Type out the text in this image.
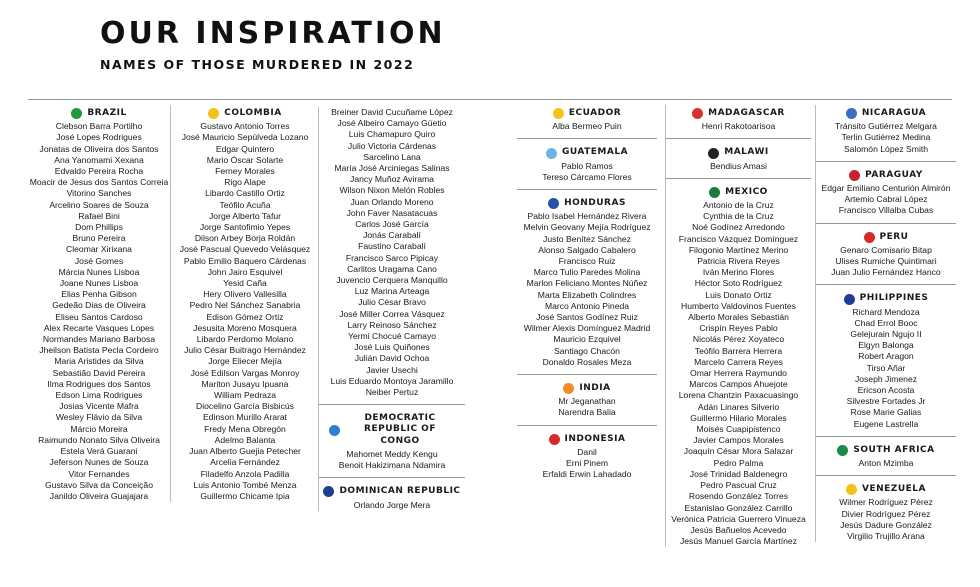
OUR INSPIRATION
NAMES OF THOSE MURDERED IN 2022
BRAZIL
Clebson Barra Portilho
José Lopes Rodrigues
Jonatas de Oliveira dos Santos
Ana Yanomami Xexana
Edvaldo Pereira Rocha
Moacir de Jesus dos Santos Correia
Vitorino Sanches
Arcelino Soares de Souza
Rafael Bini
Dom Phillips
Bruno Pereira
Cleomar Xirixana
José Gomes
Márcia Nunes Lisboa
Joane Nunes Lisboa
Elias Penha Gibson
Gedeão Dias de Oliveira
Eliseu Santos Cardoso
Alex Recarte Vasques Lopes
Normandes Mariano Barbosa
Jheilson Batista Pecla Cordeiro
Maria Aristides da Silva
Sebastião David Pereira
Ilma Rodrigues dos Santos
Edson Lima Rodrigues
Josias Vicente Mafra
Wesley Flávio da Silva
Márcio Moreira
Raimundo Nonato Silva Oliveira
Estela Verá Guarani
Jeferson Nunes de Souza
Vitor Fernandes
Gustavo Silva da Conceição
Janildo Oliveira Guajajara
COLOMBIA
Gustavo Antonio Torres
José Mauricio Sepúlveda Lozano
Edgar Quintero
Mario Óscar Solarte
Ferney Morales
Rigo Alape
Libardo Castillo Ortiz
Teófilo Acuña
Jorge Alberto Tafur
Jorge Santofimio Yepes
Dilson Arbey Borja Roldán
José Pascual Quevedo Velásquez
Pablo Emilio Baquero Cárdenas
John Jairo Esquivel
Yesid Caña
Hery Olivero Vallesilla
Pedro Nel Sánchez Sanabria
Edison Gómez Ortiz
Jesusita Moreno Mosquera
Libardo Perdomo Molano
Julio César Buitrago Hernández
Jorge Eliecer Mejía
José Edilson Vargas Monroy
Mariton Jusayu Ipuana
William Pedraza
Diocelino García Bisbicús
Edinson Murillo Ararat
Fredy Mena Obregón
Adelmo Balanta
Juan Alberto Guejia Petecher
Arcelia Fernández
Filadelfo Anzola Padilla
Luis Antonio Tombé Menza
Guillermo Chicame Ipia
Breiner David Cucuñame López
José Albeiro Camayo Güetio
Luis Chamapuro Quiro
Julio Victoria Cárdenas
Sarcelino Lana
María José Arciniegas Salinas
Jancy Muñoz Avirama
Wilson Nixon Melón Robles
Juan Orlando Moreno
John Faver Nasatacuas
Carlos José García
Jonás Carabalí
Faustino Carabalí
Francisco Sarco Pipicay
Carlitos Uragama Cano
Juvencio Cerquera Manquillo
Luz Marina Arteaga
Julio César Bravo
José Miller Correa Vásquez
Larry Reinoso Sánchez
Yermi Chocué Camayo
José Luis Quiñones
Julián David Ochoa
Javier Usechi
Luis Eduardo Montoya Jaramillo
Neiber Pertuz
DEMOCRATIC REPUBLIC OF CONGO
Mahomet Meddy Kengu
Benoit Hakizimana Ndamira
DOMINICAN REPUBLIC
Orlando Jorge Mera
ECUADOR
Alba Bermeo Puin
GUATEMALA
Pablo Ramos
Tereso Cárcamo Flores
HONDURAS
Pablo Isabel Hernández Rivera
Melvin Geovany Mejía Rodríguez
Justo Benítez Sánchez
Alonso Salgado Cabalero
Francisco Ruiz
Marco Tulio Paredes Molina
Marlon Feliciano Montes Núñez
Marta Elizabeth Colindres
Marco Antonio Pineda
José Santos Godínez Ruiz
Wilmer Alexis Domínguez Madrid
Mauricio Ezquivel
Santiago Chacón
Donaldo Rosales Meza
INDIA
Mr Jeganathan
Narendra Balia
INDONESIA
Danil
Erni Pinem
Erfaldi Erwin Lahadado
MADAGASCAR
Henri Rakotoarisoa
MALAWI
Bendius Amasi
MEXICO
Antonio de la Cruz
Cynthia de la Cruz
Noé Godínez Arredondo
Francisco Vázquez Domínguez
Filogonio Martínez Merino
Patricia Rivera Reyes
Iván Merino Flores
Héctor Soto Rodríguez
Luis Donato Ortiz
Humberto Valdovinos Fuentes
Alberto Morales Sebastián
Crispín Reyes Pablo
Nicolás Pérez Xoyateco
Teófilo Barrera Herrera
Marcelo Carrera Reyes
Omar Herrera Raymundo
Marcos Campos Ahuejote
Lorena Chantzin Paxacuasingo
Adán Linares Silverio
Guillermo Hilario Morales
Moisés Cuapipistenco
Javier Campos Morales
Joaquín César Mora Salazar
Pedro Palma
José Trinidad Baldenegro
Pedro Pascual Cruz
Rosendo González Torres
Estanislao González Carrillo
Verónica Patricia Guerrero Vinueza
Jesús Bañuelos Acevedo
Jesús Manuel García Martínez
NICARAGUA
Tránsito Gutiérrez Melgara
Terlin Gutiérrez Medina
Salomón López Smith
PARAGUAY
Edgar Emiliano Centurión Almirón
Artemio Cabral López
Francisco Villalba Cubas
PERU
Genaro Comisario Bitap
Ulises Rumiche Quintimari
Juan Julio Fernández Hanco
PHILIPPINES
Richard Mendoza
Chad Errol Booc
Gelejurain Ngujo II
Elgyn Balonga
Robert Aragon
Tirso Añar
Joseph Jimenez
Ericson Acosta
Silvestre Fortades Jr
Rose Marie Galias
Eugene Lastrella
SOUTH AFRICA
Anton Mzimba
VENEZUELA
Wilmer Rodríguez Pérez
Divier Rodríguez Pérez
Jesús Dadure González
Virgilio Trujillo Arana
